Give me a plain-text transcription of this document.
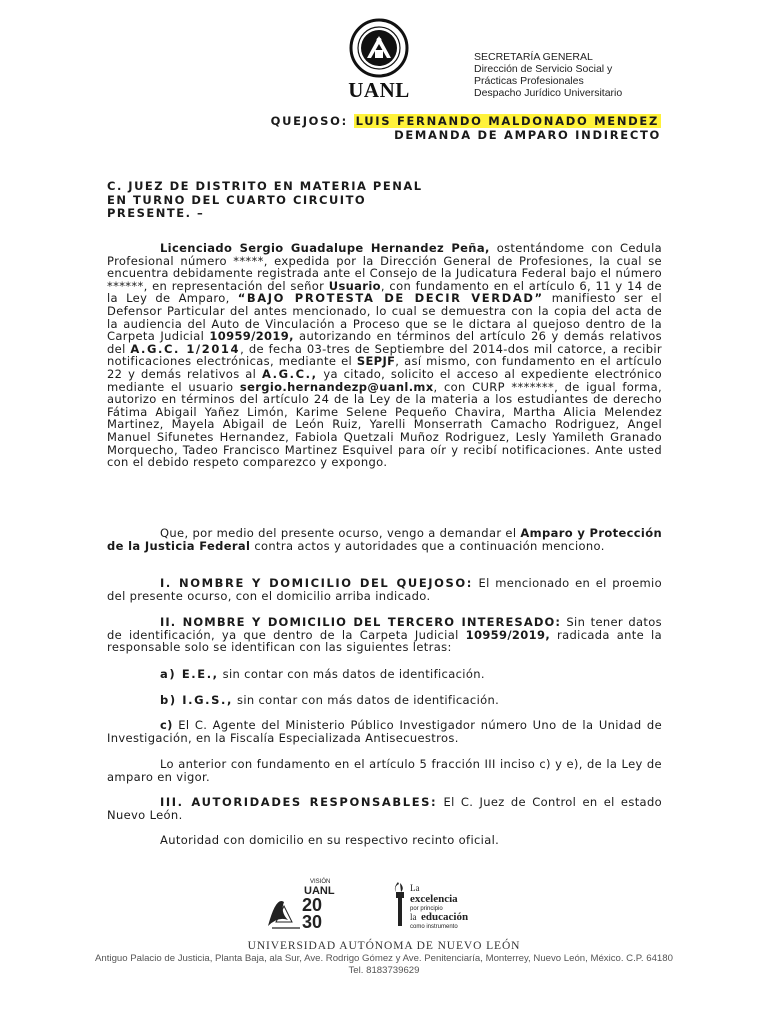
UANL
SECRETARÍA GENERAL
Dirección de Servicio Social y
Prácticas Profesionales
Despacho Jurídico Universitario
QUEJOSO: LUIS FERNANDO MALDONADO MENDEZ
DEMANDA DE AMPARO INDIRECTO
C. JUEZ DE DISTRITO EN MATERIA PENAL
EN TURNO DEL CUARTO CIRCUITO
PRESENTE. –

Licenciado Sergio Guadalupe Hernandez Peña, ostentándome con Cedula Profesional número *****, expedida por la Dirección General de Profesiones, la cual se encuentra debidamente registrada ante el Consejo de la Judicatura Federal bajo el número ******, en representación del señor Usuario, con fundamento en el artículo 6, 11 y 14 de la Ley de Amparo, “BAJO PROTESTA DE DECIR VERDAD” manifiesto ser el Defensor Particular del antes mencionado, lo cual se demuestra con la copia del acta de la audiencia del Auto de Vinculación a Proceso que se le dictara al quejoso dentro de la Carpeta Judicial 10959/2019, autorizando en términos del artículo 26 y demás relativos del A.G.C. 1/2014, de fecha 03-tres de Septiembre del 2014-dos mil catorce, a recibir notificaciones electrónicas, mediante el SEPJF, así mismo, con fundamento en el artículo 22 y demás relativos al A.G.C., ya citado, solicito el acceso al expediente electrónico mediante el usuario sergio.hernandezp@uanl.mx, con CURP *******, de igual forma, autorizo en términos del artículo 24 de la Ley de la materia a los estudiantes de derecho Fátima Abigail Yañez Limón, Karime Selene Pequeño Chavira, Martha Alicia Melendez Martinez, Mayela Abigail de León Ruiz, Yarelli Monserrath Camacho Rodriguez, Angel Manuel Sifunetes Hernandez, Fabiola Quetzali Muñoz Rodriguez, Lesly Yamileth Granado Morquecho, Tadeo Francisco Martinez Esquivel para oír y recibí notificaciones. Ante usted con el debido respeto comparezco y expongo.

Que, por medio del presente ocurso, vengo a demandar el Amparo y Protección de la Justicia Federal contra actos y autoridades que a continuación menciono.

I. NOMBRE Y DOMICILIO DEL QUEJOSO: El mencionado en el proemio del presente ocurso, con el domicilio arriba indicado.

II. NOMBRE Y DOMICILIO DEL TERCERO INTERESADO: Sin tener datos de identificación, ya que dentro de la Carpeta Judicial 10959/2019, radicada ante la responsable solo se identifican con las siguientes letras:

a) E.E., sin contar con más datos de identificación.

b) I.G.S., sin contar con más datos de identificación.

c) El C. Agente del Ministerio Público Investigador número Uno de la Unidad de Investigación, en la Fiscalía Especializada Antisecuestros.

Lo anterior con fundamento en el artículo 5 fracción III inciso c) y e), de la Ley de amparo en vigor.

III. AUTORIDADES RESPONSABLES: El C. Juez de Control en el estado Nuevo León.

Autoridad con domicilio en su respectivo recinto oficial.

VISIÓN
UANL
20
30
La
excelencia
por principio
la educación
como instrumento
UNIVERSIDAD AUTÓNOMA DE NUEVO LEÓN
Antiguo Palacio de Justicia, Planta Baja, ala Sur, Ave. Rodrigo Gómez y Ave. Penitenciaría, Monterrey, Nuevo León, México. C.P. 64180
Tel. 8183739629
